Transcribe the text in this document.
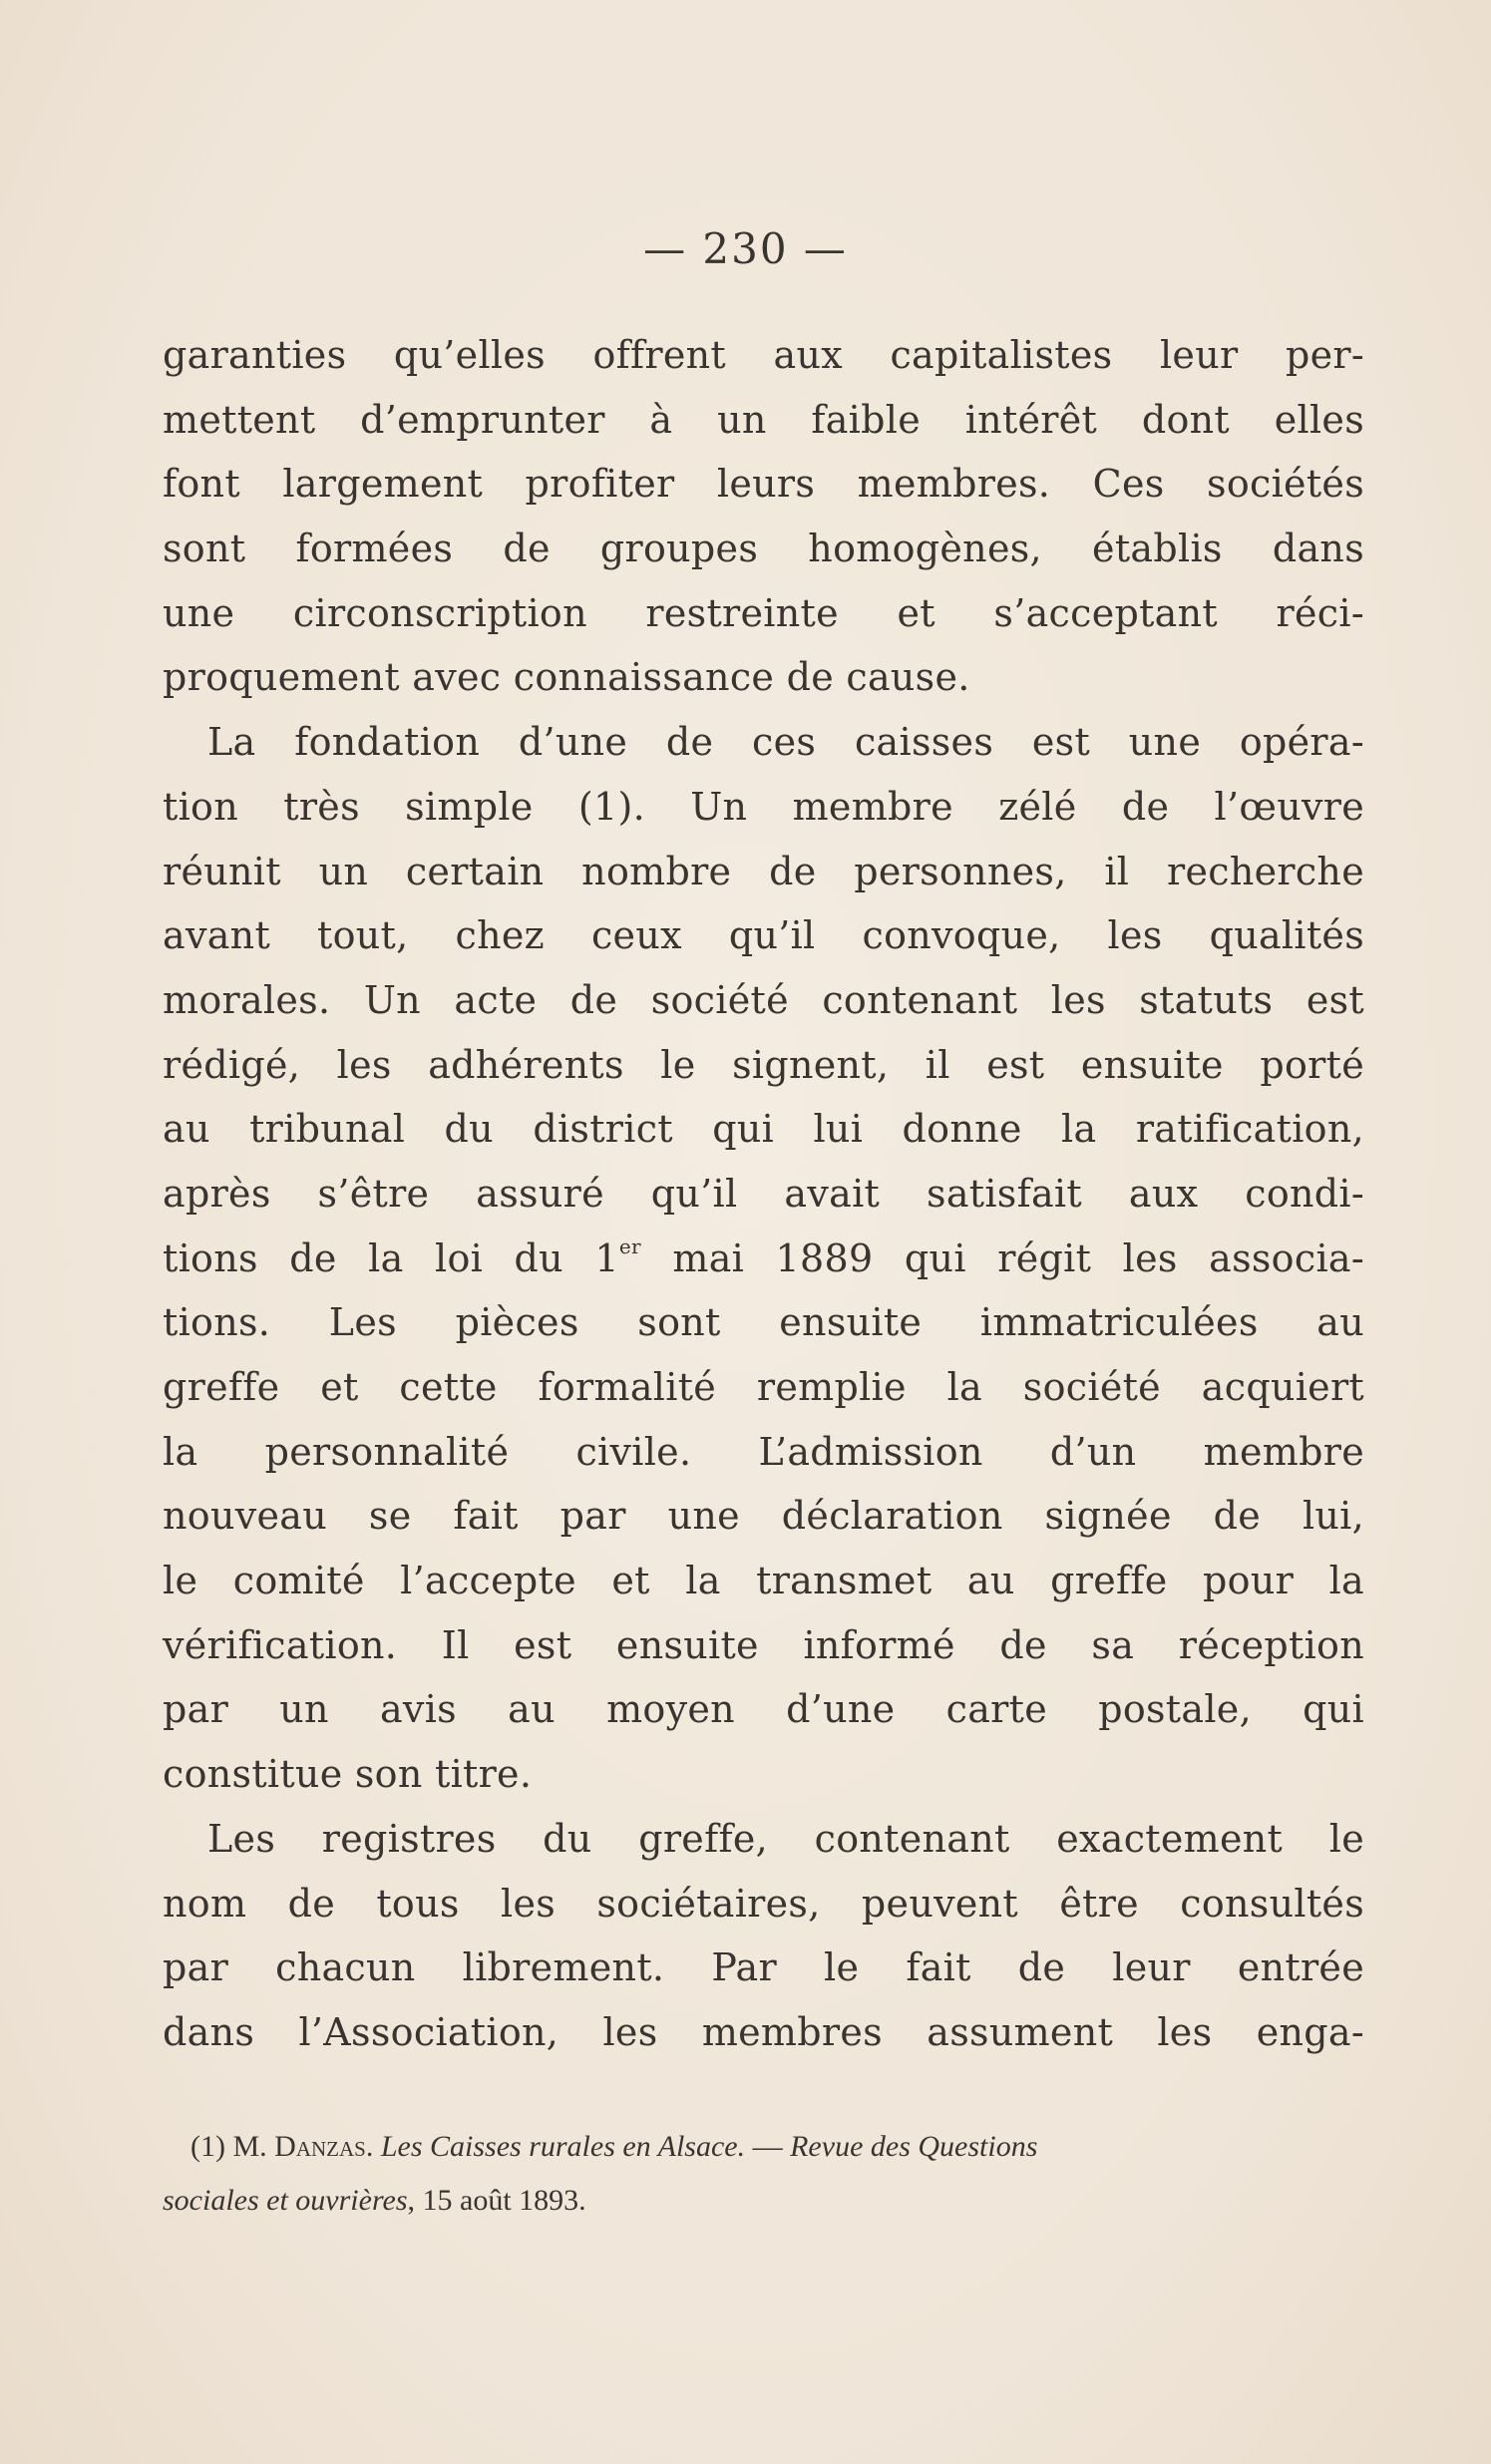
— 230 —
garanties qu’elles offrent aux capitalistes leur per-
mettent d’emprunter à un faible intérêt dont elles
font largement profiter leurs membres. Ces sociétés
sont formées de groupes homogènes, établis dans
une circonscription restreinte et s’acceptant réci-
proquement avec connaissance de cause.
La fondation d’une de ces caisses est une opéra-
tion très simple (1). Un membre zélé de l’œuvre
réunit un certain nombre de personnes, il recherche
avant tout, chez ceux qu’il convoque, les qualités
morales. Un acte de société contenant les statuts est
rédigé, les adhérents le signent, il est ensuite porté
au tribunal du district qui lui donne la ratification,
après s’être assuré qu’il avait satisfait aux condi-
tions de la loi du 1er mai 1889 qui régit les associa-
tions. Les pièces sont ensuite immatriculées au
greffe et cette formalité remplie la société acquiert
la personnalité civile. L’admission d’un membre
nouveau se fait par une déclaration signée de lui,
le comité l’accepte et la transmet au greffe pour la
vérification. Il est ensuite informé de sa réception
par un avis au moyen d’une carte postale, qui
constitue son titre.
Les registres du greffe, contenant exactement le
nom de tous les sociétaires, peuvent être consultés
par chacun librement. Par le fait de leur entrée
dans l’Association, les membres assument les enga-
(1) M. Danzas. Les Caisses rurales en Alsace. — Revue des Questions
sociales et ouvrières, 15 août 1893.
